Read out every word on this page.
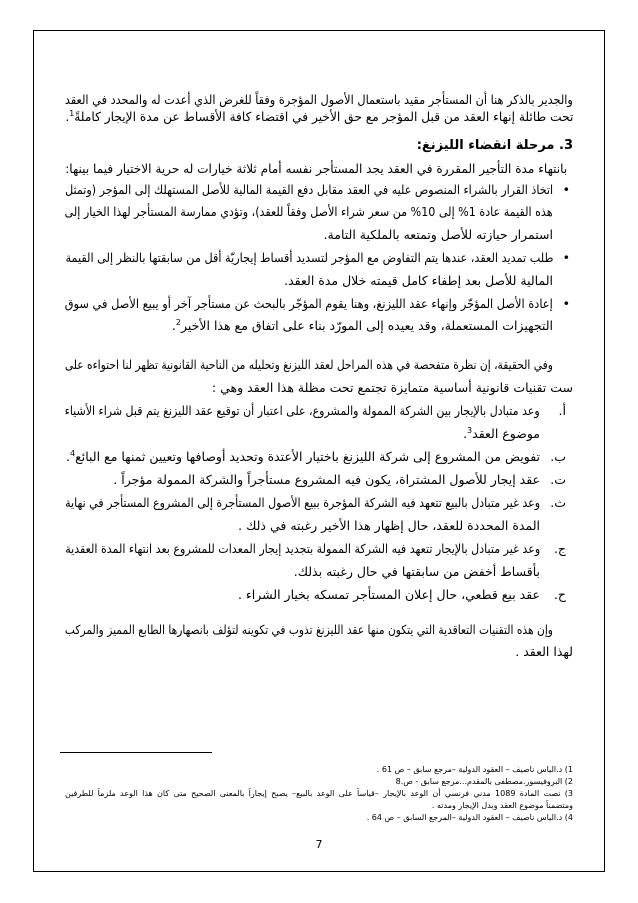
والجدير بالذكر هنا أن المستأجر مقيد باستعمال الأصول المؤجرة وفقاً للغرض الذي أعدت له والمحدد في العقد
تحت طائلة إنهاء العقد من قبل المؤجر مع حق الأخير في اقتضاء كافة الأقساط عن مدة الإيجار كاملةً$^1$.
3. مرحلة انقضاء الليزنغ:
بانتهاء مدة التأجير المقررة في العقد يجد المستأجر نفسه أمام ثلاثة خيارات له حرية الاختيار فيما بينها:
•
اتخاذ القرار بالشراء المنصوص عليه في العقد مقابل دفع القيمة المالية للأصل المستهلك إلى المؤجر (وتمثل
هذه القيمة عادة 1% إلى 10% من سعر شراء الأصل وفقاً للعقد)، وتؤدي ممارسة المستأجر لهذا الخيار إلى
استمرار حيازته للأصل وتمتعه بالملكية التامة.
•
طلب تمديد العقد، عندها يتم التفاوض مع المؤجر لتسديد أقساط إيجاريّة أقل من سابقتها بالنظر إلى القيمة
المالية للأصل بعد إطفاء كامل قيمته خلال مدة العقد.
•
إعادة الأصل المؤجّر وإنهاء عقد الليزنغ، وهنا يقوم المؤجّر بالبحث عن مستأجر آخر أو يبيع الأصل في سوق
التجهيزات المستعملة، وقد يعيده إلى المورّد بناء على اتفاق مع هذا الأخير$^2$.
وفي الحقيقة، إن نظرة متفحصة في هذه المراحل لعقد الليزنغ وتحليله من الناحية القانونية تظهر لنا احتواءه على
ست تقنيات قانونية أساسية متمايزة تجتمع تحت مظلة هذا العقد وهي :
أ.
وعد متبادل بالإيجار بين الشركة الممولة والمشروع، على اعتبار أن توقيع عقد الليزنغ يتم قبل شراء الأشياء
موضوع العقد$^3$.
ب.
تفويض من المشروع إلى شركة الليزنغ باختيار الأعتدة وتحديد أوصافها وتعيين ثمنها مع البائع$^4$.
ت.
عقد إيجار للأصول المشتراة، يكون فيه المشروع مستأجراً والشركة الممولة مؤجراً .
ث.
وعد غير متبادل بالبيع تتعهد فيه الشركة المؤجرة ببيع الأصول المستأجرة إلى المشروع المستأجر في نهاية
المدة المحددة للعقد، حال إظهار هذا الأخير رغبته في ذلك .
ج.
وعد غير متبادل بالإيجار تتعهد فيه الشركة الممولة بتجديد إيجار المعدات للمشروع بعد انتهاء المدة العقدية
بأقساط أخفض من سابقتها في حال رغبته بذلك.
ح.
عقد بيع قطعي، حال إعلان المستأجر تمسكه بخيار الشراء .
وإن هذه التقنيات التعاقدية التي يتكون منها عقد الليزنغ تذوب في تكوينه لتؤلف بانصهارها الطابع المميز والمركب
لهذا العقد .
1) د.الياس ناصيف – العقود الدولية –مرجع سابق – ص 61 .
2) البروفيسور.مصطفى بالمقدم...مرجع سابق - ص.8
3) نصت المادة 1089 مدني فرنسي أن الوعد بالإيجار –قياساً على الوعد بالبيع– يصبح إيجاراً بالمعنى الصحيح متى كان هذا الوعد ملزماً للطرفين
ومتضمناً موضوع العقد وبدل الإيجار ومدته .
4) د.الياس ناصيف – العقود الدولية –المرجع السابق – ص 64 .
7
